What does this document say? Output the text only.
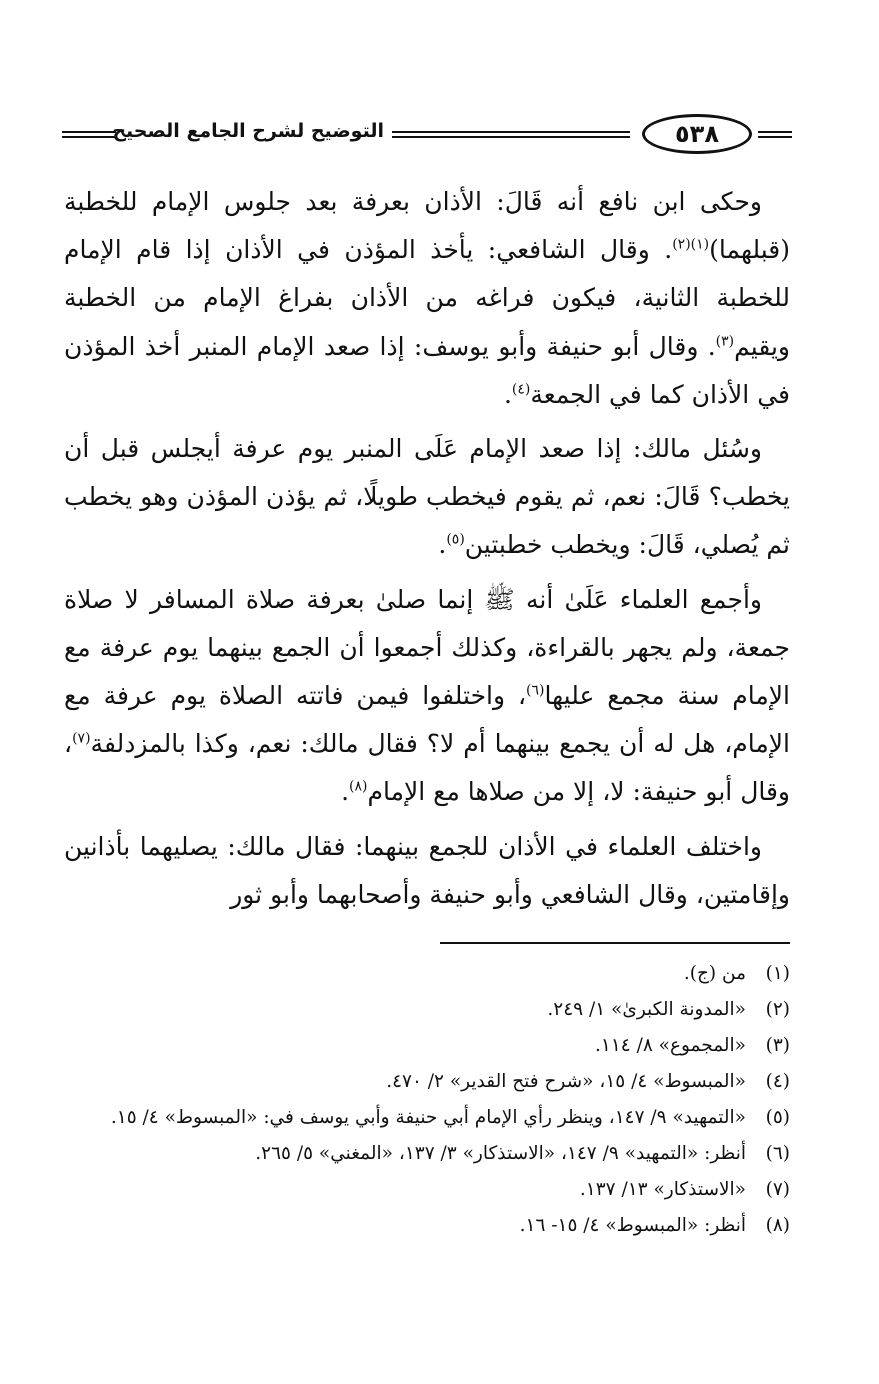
التوضيح لشرح الجامع الصحيح	٥٣٨

وحكى ابن نافع أنه قَالَ: الأذان بعرفة بعد جلوس الإمام للخطبة (قبلهما)$^{(١)(٢)}$. وقال الشافعي: يأخذ المؤذن في الأذان إذا قام الإمام للخطبة الثانية، فيكون فراغه من الأذان بفراغ الإمام من الخطبة ويقيم$^{(٣)}$. وقال أبو حنيفة وأبو يوسف: إذا صعد الإمام المنبر أخذ المؤذن في الأذان كما في الجمعة$^{(٤)}$.

وسُئل مالك: إذا صعد الإمام عَلَى المنبر يوم عرفة أيجلس قبل أن يخطب؟ قَالَ: نعم، ثم يقوم فيخطب طويلًا، ثم يؤذن المؤذن وهو يخطب ثم يُصلي، قَالَ: ويخطب خطبتين$^{(٥)}$.

وأجمع العلماء عَلَىٰ أنه ﷺ إنما صلىٰ بعرفة صلاة المسافر لا صلاة جمعة، ولم يجهر بالقراءة، وكذلك أجمعوا أن الجمع بينهما يوم عرفة مع الإمام سنة مجمع عليها$^{(٦)}$، واختلفوا فيمن فاتته الصلاة يوم عرفة مع الإمام، هل له أن يجمع بينهما أم لا؟ فقال مالك: نعم، وكذا بالمزدلفة$^{(٧)}$، وقال أبو حنيفة: لا، إلا من صلاها مع الإمام$^{(٨)}$.

واختلف العلماء في الأذان للجمع بينهما: فقال مالك: يصليهما بأذانين وإقامتين، وقال الشافعي وأبو حنيفة وأصحابهما وأبو ثور

(١)
من (ج).
(٢)
«المدونة الكبرىٰ» ١/ ٢٤٩.
(٣)
«المجموع» ٨/ ١١٤.
(٤)
«المبسوط» ٤/ ١٥، «شرح فتح القدير» ٢/ ٤٧٠.
(٥)
«التمهيد» ٩/ ١٤٧، وينظر رأي الإمام أبي حنيفة وأبي يوسف في: «المبسوط» ٤/ ١٥.
(٦)
أنظر: «التمهيد» ٩/ ١٤٧، «الاستذكار» ٣/ ١٣٧، «المغني» ٥/ ٢٦٥.
(٧)
«الاستذكار» ١٣/ ١٣٧.
(٨)
أنظر: «المبسوط» ٤/ ١٥- ١٦.
